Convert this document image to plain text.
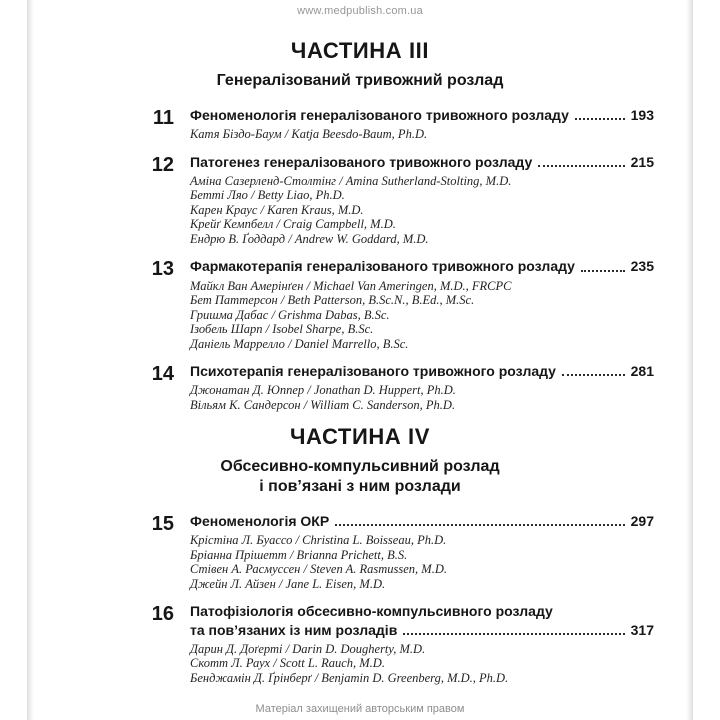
www.medpublish.com.ua
ЧАСТИНА III
Генералізований тривожний розлад
11 Феноменологія генералізованого тривожного розладу	193
Катя Біздо-Баум / Katja Beesdo-Baum, Ph.D.
12 Патогенез генералізованого тривожного розладу	215
Аміна Сазерленд-Столтінг / Amina Sutherland-Stolting, M.D.
Бетті Ляо / Betty Liao, Ph.D.
Карен Краус / Karen Kraus, M.D.
Крейґ Кемпбелл / Craig Campbell, M.D.
Ендрю В. Ґоддард / Andrew W. Goddard, M.D.
13 Фармакотерапія генералізованого тривожного розладу	235
Майкл Ван Амерінґен / Michael Van Ameringen, M.D., FRCPC
Бет Паттерсон / Beth Patterson, B.Sc.N., B.Ed., M.Sc.
Гришма Дабас / Grishma Dabas, B.Sc.
Ізобель Шарп / Isobel Sharpe, B.Sc.
Даніель Маррелло / Daniel Marrello, B.Sc.
14 Психотерапія генералізованого тривожного розладу	281
Джонатан Д. Юппер / Jonathan D. Huppert, Ph.D.
Вільям К. Сандерсон / William C. Sanderson, Ph.D.
ЧАСТИНА IV
Обсесивно-компульсивний розлад
і пов’язані з ним розлади
15 Феноменологія ОКР	297
Крістіна Л. Буассо / Christina L. Boisseau, Ph.D.
Бріанна Прішетт / Brianna Prichett, B.S.
Стівен А. Расмуссен / Steven A. Rasmussen, M.D.
Джейн Л. Айзен / Jane L. Eisen, M.D.
16 Патофізіологія обсесивно-компульсивного розладу
та пов’язаних із ним розладів	317
Дарин Д. Доґерті / Darin D. Dougherty, M.D.
Скотт Л. Раух / Scott L. Rauch, M.D.
Бенджамін Д. Ґрінберґ / Benjamin D. Greenberg, M.D., Ph.D.
Матеріал захищений авторським правом
